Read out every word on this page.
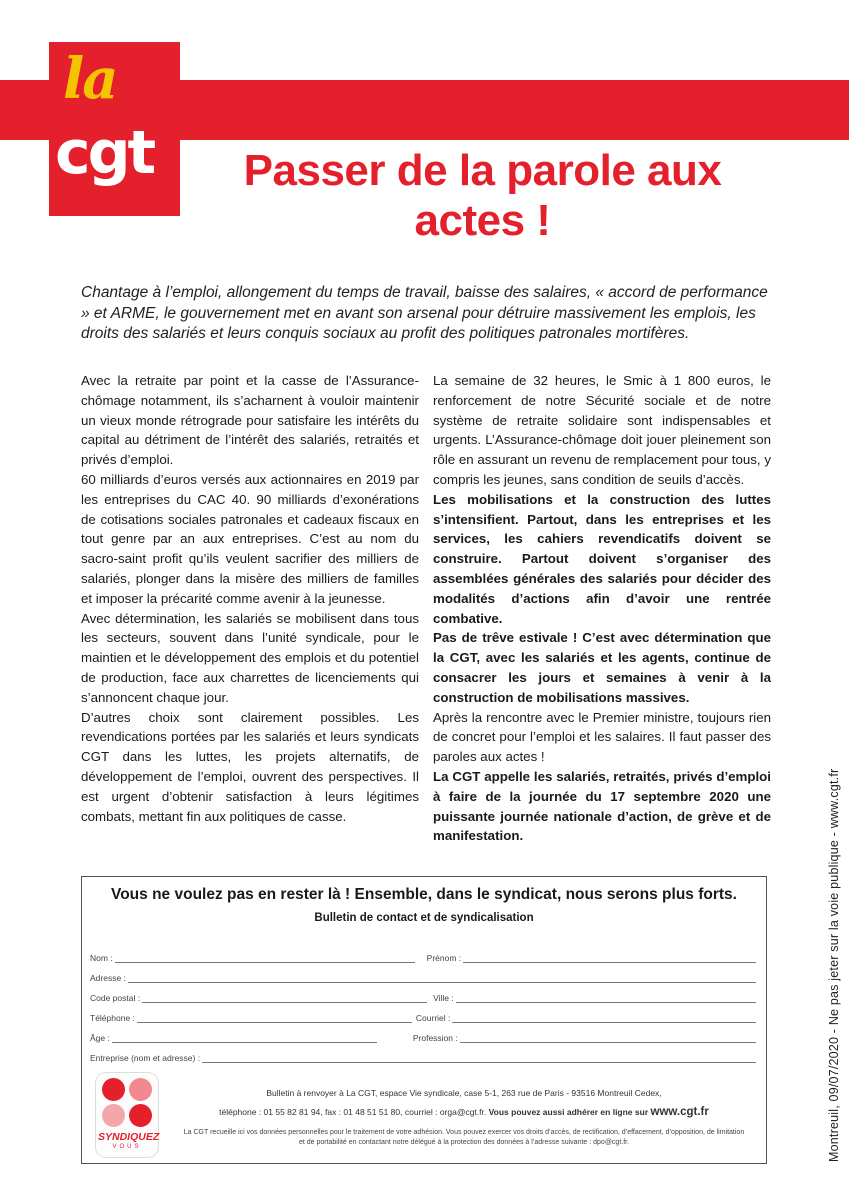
la
cgt	Passer de la parole aux actes !

Chantage à l’emploi, allongement du temps de travail, baisse des salaires, « accord de performance » et ARME, le gouvernement met en avant son arsenal pour détruire massivement les emplois, les droits des salariés et leurs conquis sociaux au profit des politiques patronales mortifères.

Avec la retraite par point et la casse de l’Assurance-chômage notamment, ils s’acharnent à vouloir maintenir un vieux monde rétrograde pour satisfaire les intérêts du capital au détriment de l’intérêt des salariés, retraités et privés d’emploi.

60 milliards d’euros versés aux actionnaires en 2019 par les entreprises du CAC 40. 90 milliards d’exonérations de cotisations sociales patronales et cadeaux fiscaux en tout genre par an aux entreprises. C’est au nom du sacro-saint profit qu’ils veulent sacrifier des milliers de salariés, plonger dans la misère des milliers de familles et imposer la précarité comme avenir à la jeunesse.

Avec détermination, les salariés se mobilisent dans tous les secteurs, souvent dans l’unité syndicale, pour le maintien et le développement des emplois et du potentiel de production, face aux charrettes de licenciements qui s’annoncent chaque jour.

D’autres choix sont clairement possibles. Les revendications portées par les salariés et leurs syndicats CGT dans les luttes, les projets alternatifs, de développement de l’emploi, ouvrent des perspectives. Il est urgent d’obtenir satisfaction à leurs légitimes combats, mettant fin aux politiques de casse.

La semaine de 32 heures, le Smic à 1 800 euros, le renforcement de notre Sécurité sociale et de notre système de retraite solidaire sont indispensables et urgents. L’Assurance-chômage doit jouer pleinement son rôle en assurant un revenu de remplacement pour tous, y compris les jeunes, sans condition de seuils d’accès.

Les mobilisations et la construction des luttes s’intensifient. Partout, dans les entreprises et les services, les cahiers revendicatifs doivent se construire. Partout doivent s’organiser des assemblées générales des salariés pour décider des modalités d’actions afin d’avoir une rentrée combative.

Pas de trêve estivale ! C’est avec détermination que la CGT, avec les salariés et les agents, continue de consacrer les jours et semaines à venir à la construction de mobilisations massives.

Après la rencontre avec le Premier ministre, toujours rien de concret pour l’emploi et les salaires. Il faut passer des paroles aux actes !

La CGT appelle les salariés, retraités, privés d’emploi à faire de la journée du 17 septembre 2020 une puissante journée nationale d’action, de grève et de manifestation.

Vous ne voulez pas en rester là ! Ensemble, dans le syndicat, nous serons plus forts.
Bulletin de contact et de syndicalisation
Nom :	Prénom :
Adresse :
Code postal :	Ville :
Téléphone :	Courriel :
Âge :	Profession :
Entreprise (nom et adresse) :
SYNDIQUEZ
VOUS
Bulletin à renvoyer à La CGT, espace Vie syndicale, case 5-1, 263 rue de Paris - 93516 Montreuil Cedex,
téléphone : 01 55 82 81 94, fax : 01 48 51 51 80, courriel : orga@cgt.fr. Vous pouvez aussi adhérer en ligne sur www.cgt.fr
La CGT recueille ici vos données personnelles pour le traitement de votre adhésion. Vous pouvez exercer vos droits d’accès, de rectification, d’effacement, d’opposition, de limitation et de portabilité en contactant notre délégué à la protection des données à l’adresse suivante : dpo@cgt.fr.	Montreuil, 09/07/2020 - Ne pas jeter sur la voie publique - www.cgt.fr
